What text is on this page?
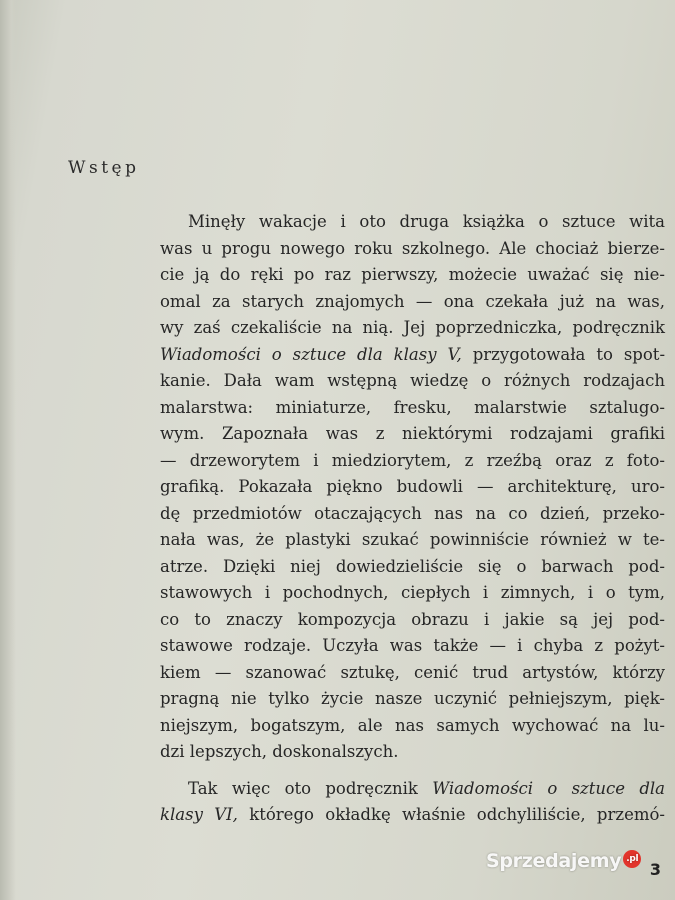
Wstęp
Minęły wakacje i oto druga książka o sztuce wita
was u progu nowego roku szkolnego. Ale chociaż bierze-
cie ją do ręki po raz pierwszy, możecie uważać się nie-
omal za starych znajomych — ona czekała już na was,
wy zaś czekaliście na nią. Jej poprzedniczka, podręcznik
Wiadomości o sztuce dla klasy V, przygotowała to spot-
kanie. Dała wam wstępną wiedzę o różnych rodzajach
malarstwa: miniaturze, fresku, malarstwie sztalugo-
wym. Zapoznała was z niektórymi rodzajami grafiki
— drzeworytem i miedziorytem, z rzeźbą oraz z foto-
grafiką. Pokazała piękno budowli — architekturę, uro-
dę przedmiotów otaczających nas na co dzień, przeko-
nała was, że plastyki szukać powinniście również w te-
atrze. Dzięki niej dowiedzieliście się o barwach pod-
stawowych i pochodnych, ciepłych i zimnych, i o tym,
co to znaczy kompozycja obrazu i jakie są jej pod-
stawowe rodzaje. Uczyła was także — i chyba z pożyt-
kiem — szanować sztukę, cenić trud artystów, którzy
pragną nie tylko życie nasze uczynić pełniejszym, pięk-
niejszym, bogatszym, ale nas samych wychować na lu-
dzi lepszych, doskonalszych.
Tak więc oto podręcznik Wiadomości o sztuce dla
klasy VI, którego okładkę właśnie odchyliliście, przemó-
Sprzedajemy .pl
3
